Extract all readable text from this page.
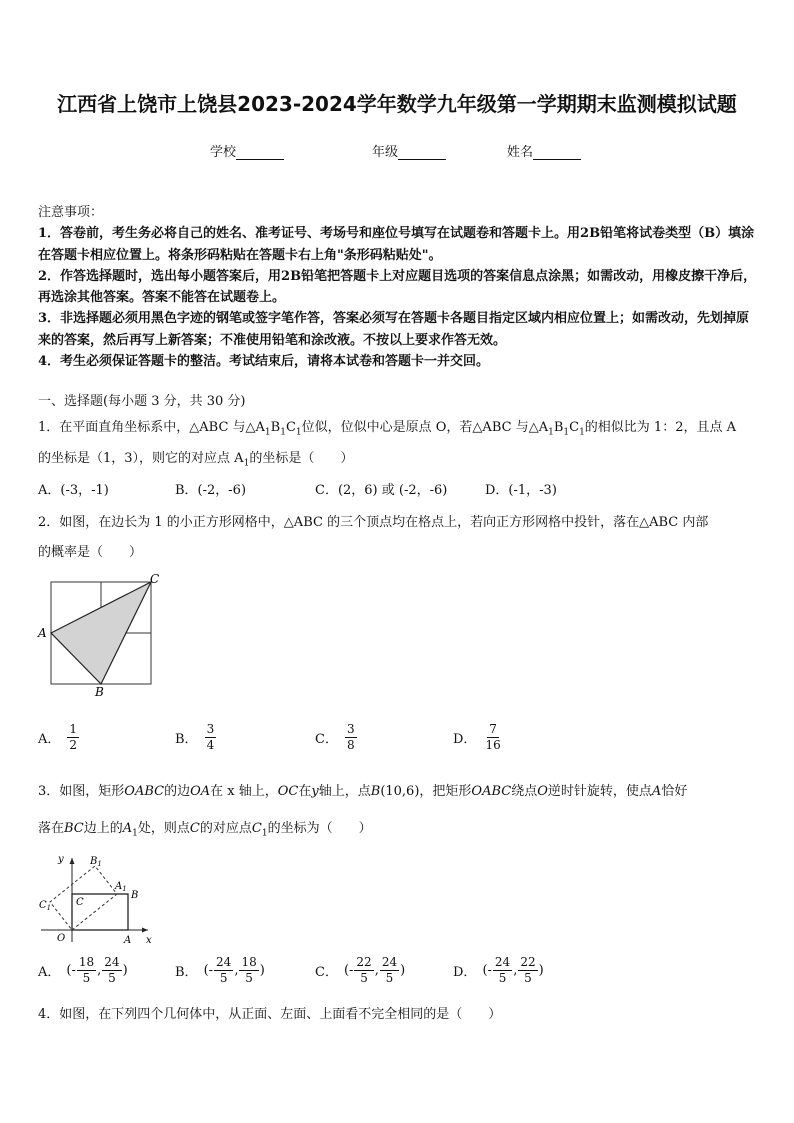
江西省上饶市上饶县2023-2024学年数学九年级第一学期期末监测模拟试题
学校	年级	姓名

注意事项：

1．答卷前，考生务必将自己的姓名、准考证号、考场号和座位号填写在试题卷和答题卡上。用2B铅笔将试卷类型（B）填涂在答题卡相应位置上。将条形码粘贴在答题卡右上角"条形码粘贴处"。

2．作答选择题时，选出每小题答案后，用2B铅笔把答题卡上对应题目选项的答案信息点涂黑；如需改动，用橡皮擦干净后，再选涂其他答案。答案不能答在试题卷上。

3．非选择题必须用黑色字迹的钢笔或签字笔作答，答案必须写在答题卡各题目指定区域内相应位置上；如需改动，先划掉原来的答案，然后再写上新答案；不准使用铅笔和涂改液。不按以上要求作答无效。

4．考生必须保证答题卡的整洁。考试结束后，请将本试卷和答题卡一并交回。

一、选择题(每小题 3 分，共 30 分)
1．在平面直角坐标系中，△ABC 与$\triangle A_1B_1C_1$位似，位似中心是原点 O，若△ABC 与$\triangle A_1B_1C_1$的相似比为 1：2，且点 A
的坐标是（1，3），则它的对应点 $A_1$的坐标是（　　）
A．(-3，-1)	B．(-2，-6)	C．(2，6) 或 (-2，-6)	D．(-1，-3)
2．如图，在边长为 1 的小正方形网格中，△ABC 的三个顶点均在格点上，若向正方形网格中投针，落在△ABC 内部
的概率是（　　）
A
B
C
A． $\frac{1}{2}$	B． $\frac{3}{4}$	C． $\frac{3}{8}$	D． $\frac{7}{16}$
3．如图，矩形OABC的边OA在 x 轴上，OC在y轴上，点B(10,6)，把矩形OABC绕点O逆时针旋转，使点A恰好
落在BC边上的$A_1$处，则点C的对应点$C_1$的坐标为（　　）
y
x
O	A
B
C
$A_1$
$B_1$
$C_1$
A． (- $\frac{18}{5}$ , $\frac{24}{5}$ )	B． (- $\frac{24}{5}$ , $\frac{18}{5}$ )	C． (- $\frac{22}{5}$ , $\frac{24}{5}$ )	D． (- $\frac{24}{5}$ , $\frac{22}{5}$ )
4．如图，在下列四个几何体中，从正面、左面、上面看不完全相同的是（　　）
